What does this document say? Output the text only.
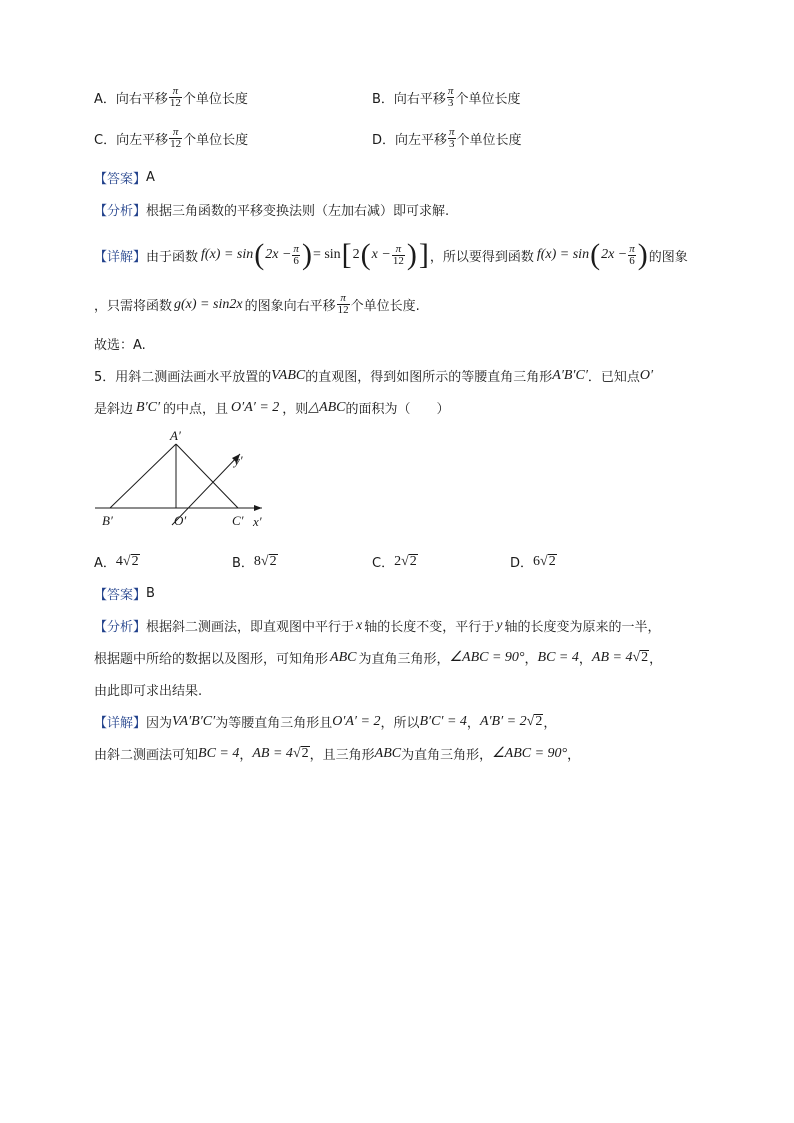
A．向右平移 $\frac{\pi}{12}$ 个单位长度	B．向右平移 $\frac{\pi}{3}$ 个单位长度
C．向左平移 $\frac{\pi}{12}$ 个单位长度	D．向左平移 $\frac{\pi}{3}$ 个单位长度
【答案】 A
【分析】 根据三角函数的平移变换法则（左加右减）即可求解.
【详解】 由于函数 f(x) = sin ( $2x - \frac{\pi}{6}$ ) = sin [ 2 ( $x - \frac{\pi}{12}$ ) ] ，所以要得到函数 f(x) = sin ( $2x - \frac{\pi}{6}$ ) 的图象
，只需将函数 g(x) = sin2x 的图象向右平移 $\frac{\pi}{12}$ 个单位长度.
故选：A.
5．用斜二测画法画水平放置的 VABC 的直观图，得到如图所示的等腰直角三角形 A′B′C′ ．已知点 O′
是斜边 B′C′ 的中点，且 O′A′ = 2 ，则 △ABC 的面积为（　　）
A′
B′	O′	C′ x′
y′
A． 4 √ 2	B． 8 √ 2	C． 2 √ 2	D． 6 √ 2
【答案】 B
【分析】 根据斜二测画法，即直观图中平行于 x 轴的长度不变，平行于 y 轴的长度变为原来的一半，
根据题中所给的数据以及图形，可知角形 ABC 为直角三角形， ∠ABC = 90° ， BC = 4 ， AB = 4 √ 2 ，
由此即可求出结果.
【详解】 因为 VA′B′C′ 为等腰直角三角形且 O′A′ = 2 ，所以 B′C′ = 4 ， A′B′ = 2 √ 2 ，
由斜二测画法可知 BC = 4 ， AB = 4 √ 2 ，且三角形 ABC 为直角三角形， ∠ABC = 90° ，
